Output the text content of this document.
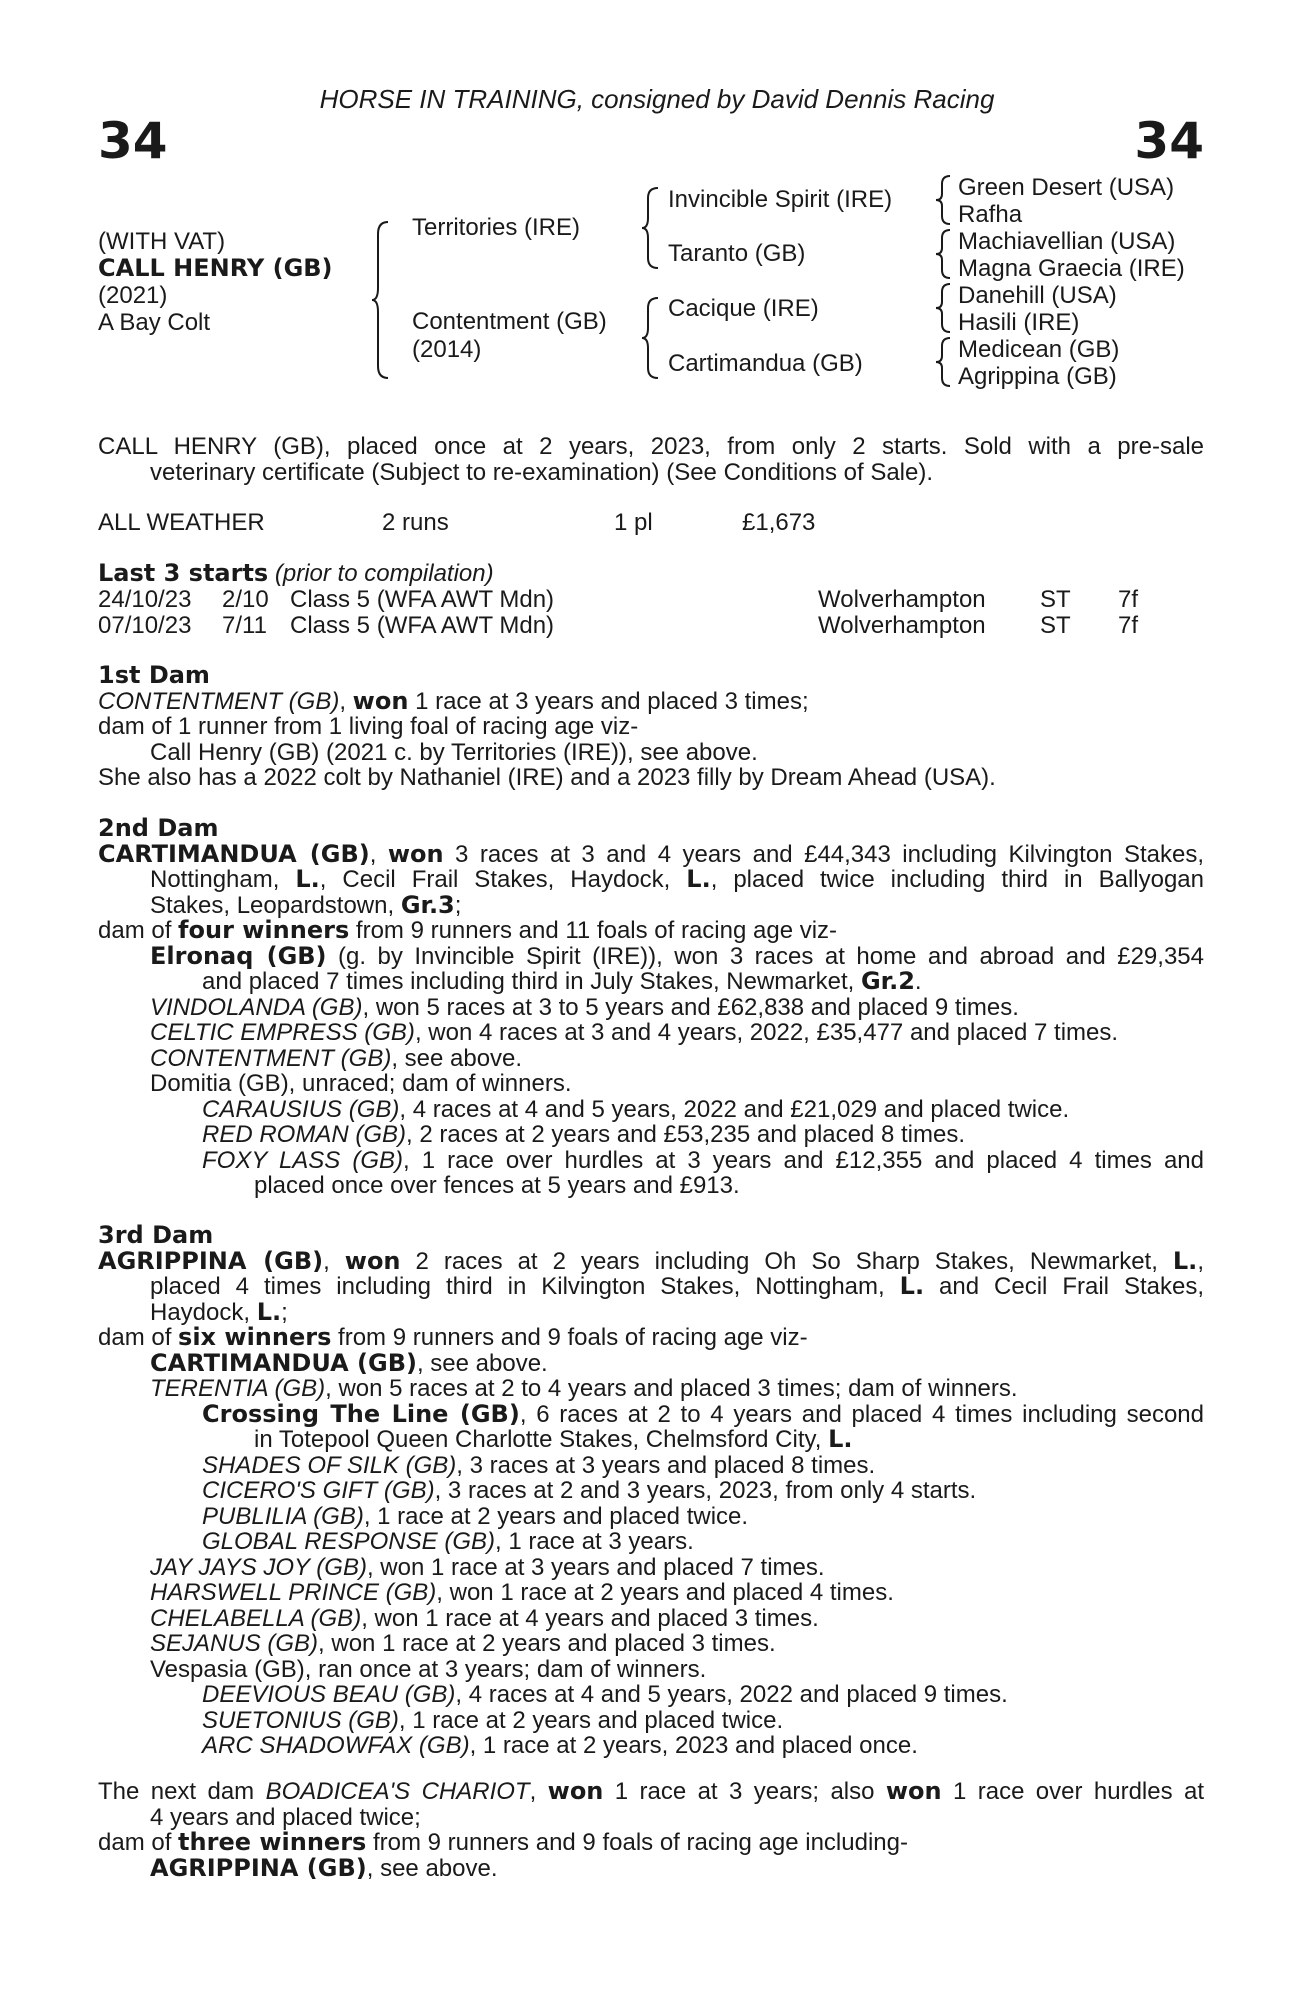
HORSE IN TRAINING, consigned by David Dennis Racing
34	34
(WITH VAT)
CALL HENRY (GB)
(2021)
A Bay Colt
Territories (IRE)
Contentment (GB)
(2014)
Invincible Spirit (IRE)
Taranto (GB)
Cacique (IRE)
Cartimandua (GB)
Green Desert (USA)
Rafha
Machiavellian (USA)
Magna Graecia (IRE)
Danehill (USA)
Hasili (IRE)
Medicean (GB)
Agrippina (GB)
CALL HENRY (GB), placed once at 2 years, 2023, from only 2 starts. Sold with a pre-sale
veterinary certificate (Subject to re-examination) (See Conditions of Sale).
ALL WEATHER	2 runs	1 pl	£1,673
Last 3 starts (prior to compilation)
24/10/23 2/10 Class 5 (WFA AWT Mdn)	Wolverhampton ST 7f
07/10/23 7/11 Class 5 (WFA AWT Mdn)	Wolverhampton ST 7f
1st Dam
CONTENTMENT (GB), won 1 race at 3 years and placed 3 times;
dam of 1 runner from 1 living foal of racing age viz-
Call Henry (GB) (2021 c. by Territories (IRE)), see above.
She also has a 2022 colt by Nathaniel (IRE) and a 2023 filly by Dream Ahead (USA).
2nd Dam
CARTIMANDUA (GB), won 3 races at 3 and 4 years and £44,343 including Kilvington Stakes,
Nottingham, L., Cecil Frail Stakes, Haydock, L., placed twice including third in Ballyogan
Stakes, Leopardstown, Gr.3;
dam of four winners from 9 runners and 11 foals of racing age viz-
Elronaq (GB) (g. by Invincible Spirit (IRE)), won 3 races at home and abroad and £29,354
and placed 7 times including third in July Stakes, Newmarket, Gr.2.
VINDOLANDA (GB), won 5 races at 3 to 5 years and £62,838 and placed 9 times.
CELTIC EMPRESS (GB), won 4 races at 3 and 4 years, 2022, £35,477 and placed 7 times.
CONTENTMENT (GB), see above.
Domitia (GB), unraced; dam of winners.
CARAUSIUS (GB), 4 races at 4 and 5 years, 2022 and £21,029 and placed twice.
RED ROMAN (GB), 2 races at 2 years and £53,235 and placed 8 times.
FOXY LASS (GB), 1 race over hurdles at 3 years and £12,355 and placed 4 times and
placed once over fences at 5 years and £913.
3rd Dam
AGRIPPINA (GB), won 2 races at 2 years including Oh So Sharp Stakes, Newmarket, L.,
placed 4 times including third in Kilvington Stakes, Nottingham, L. and Cecil Frail Stakes,
Haydock, L.;
dam of six winners from 9 runners and 9 foals of racing age viz-
CARTIMANDUA (GB), see above.
TERENTIA (GB), won 5 races at 2 to 4 years and placed 3 times; dam of winners.
Crossing The Line (GB), 6 races at 2 to 4 years and placed 4 times including second
in Totepool Queen Charlotte Stakes, Chelmsford City, L.
SHADES OF SILK (GB), 3 races at 3 years and placed 8 times.
CICERO'S GIFT (GB), 3 races at 2 and 3 years, 2023, from only 4 starts.
PUBLILIA (GB), 1 race at 2 years and placed twice.
GLOBAL RESPONSE (GB), 1 race at 3 years.
JAY JAYS JOY (GB), won 1 race at 3 years and placed 7 times.
HARSWELL PRINCE (GB), won 1 race at 2 years and placed 4 times.
CHELABELLA (GB), won 1 race at 4 years and placed 3 times.
SEJANUS (GB), won 1 race at 2 years and placed 3 times.
Vespasia (GB), ran once at 3 years; dam of winners.
DEEVIOUS BEAU (GB), 4 races at 4 and 5 years, 2022 and placed 9 times.
SUETONIUS (GB), 1 race at 2 years and placed twice.
ARC SHADOWFAX (GB), 1 race at 2 years, 2023 and placed once.
The next dam BOADICEA'S CHARIOT, won 1 race at 3 years; also won 1 race over hurdles at
4 years and placed twice;
dam of three winners from 9 runners and 9 foals of racing age including-
AGRIPPINA (GB), see above.
